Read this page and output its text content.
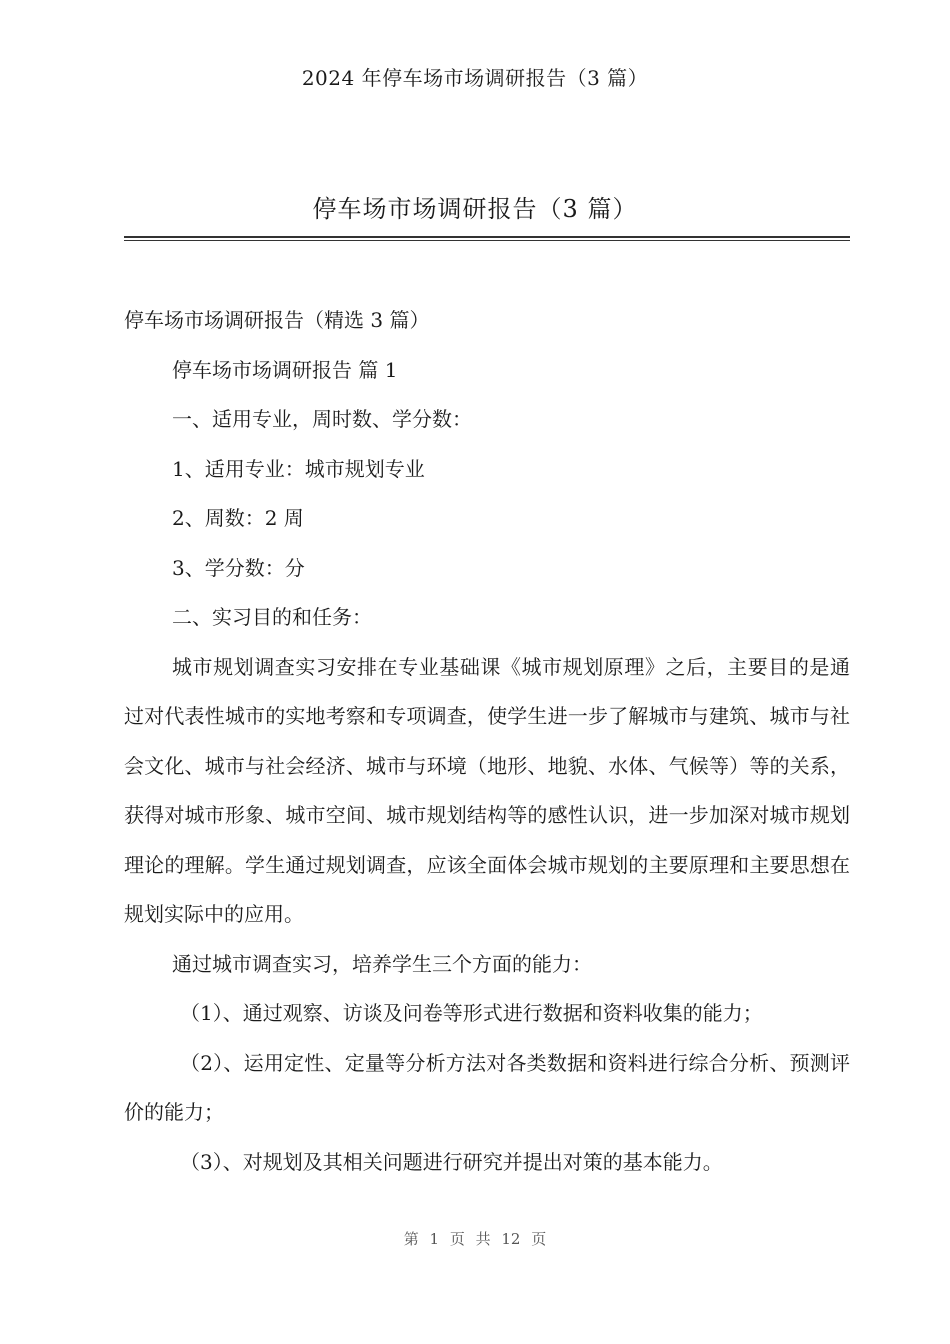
2024 年停车场市场调研报告（3 篇）
停车场市场调研报告（3 篇）

停车场市场调研报告（精选 3 篇）

停车场市场调研报告 篇 1

一、适用专业，周时数、学分数：

1、适用专业：城市规划专业

2、周数：2 周

3、学分数：分

二、实习目的和任务：

城市规划调查实习安排在专业基础课《城市规划原理》之后，主要目的是通过对代表性城市的实地考察和专项调查，使学生进一步了解城市与建筑、城市与社会文化、城市与社会经济、城市与环境（地形、地貌、水体、气候等）等的关系，获得对城市形象、城市空间、城市规划结构等的感性认识，进一步加深对城市规划理论的理解。学生通过规划调查，应该全面体会城市规划的主要原理和主要思想在规划实际中的应用。

通过城市调查实习，培养学生三个方面的能力：

（1）、通过观察、访谈及问卷等形式进行数据和资料收集的能力；

（2）、运用定性、定量等分析方法对各类数据和资料进行综合分析、预测评价的能力；

（3）、对规划及其相关问题进行研究并提出对策的基本能力。

第 1 页 共 12 页
